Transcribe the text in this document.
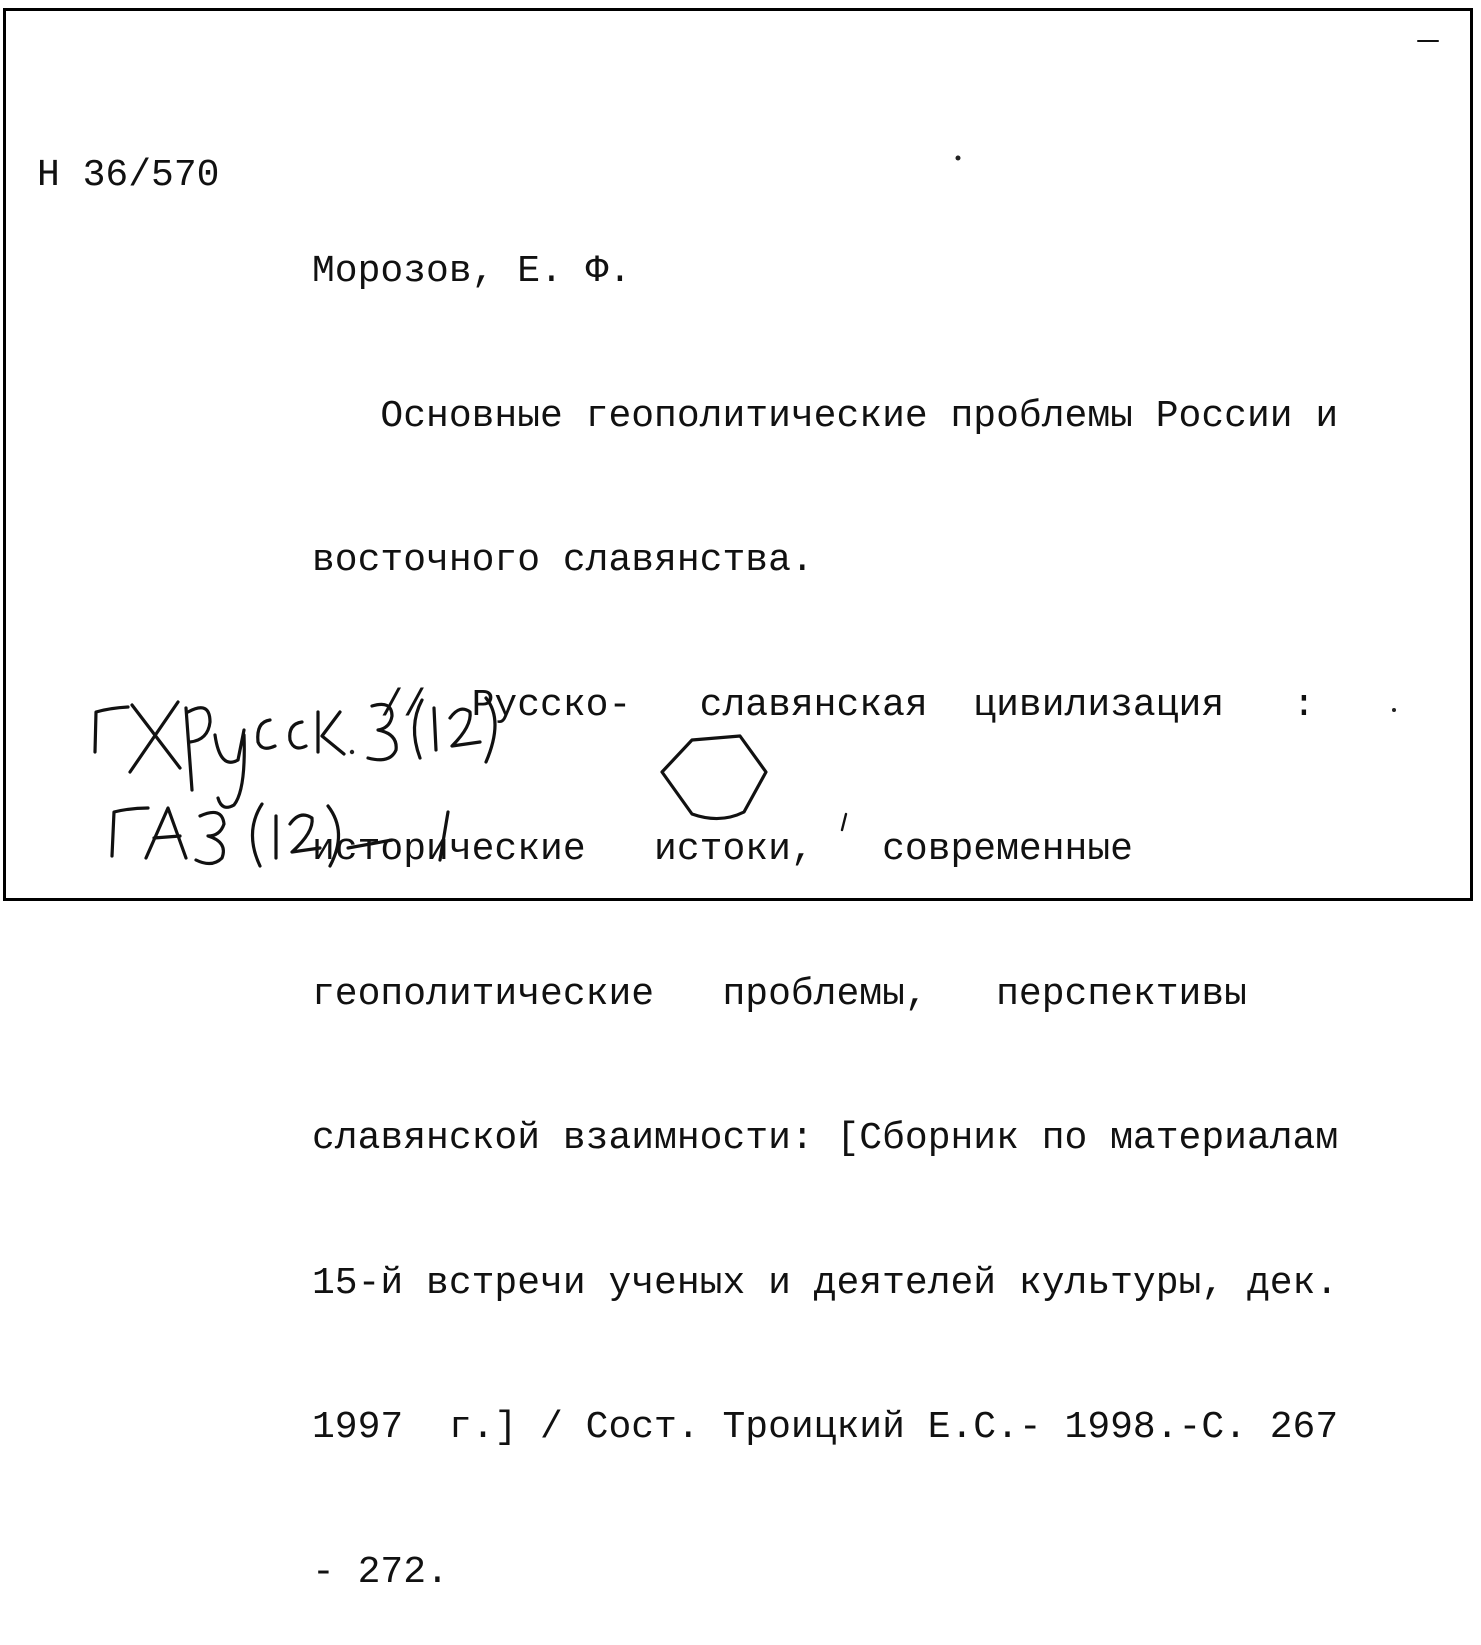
Н 36/570

Морозов, Е. Ф.

Основные геополитические проблемы России и

восточного славянства.

//  Русско-   славянская  цивилизация   :

исторические   истоки,   современные

геополитические   проблемы,   перспективы

славянской взаимности: [Сборник по материалам

15-й встречи ученых и деятелей культуры, дек.

1997  г.] / Сост. Троицкий Е.С.- 1998.-С. 267

- 272.
